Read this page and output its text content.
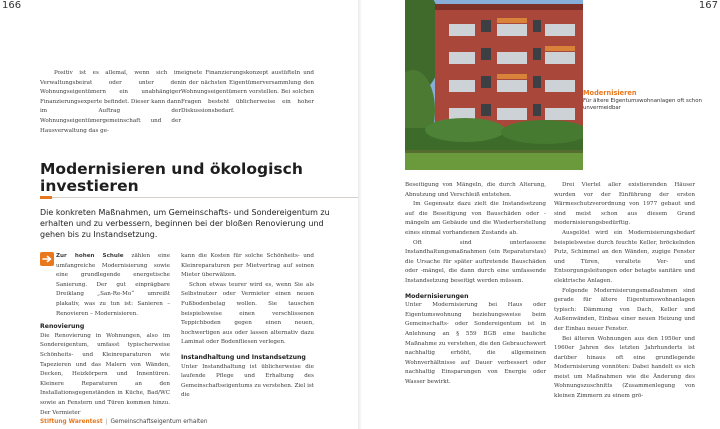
166	167

Positiv ist es allemal, wenn sich im Verwaltungsbeirat oder unter den Wohnungseigentümern ein unabhängiger Finanzierungsexperte befindet. Dieser kann dann im Auftrag der Wohnungseigentümergemeinschaft und der Hausverwaltung das ge-

eignete Finanzierungskonzept austüfteln und in der nächsten Eigentümerversammlung den Wohnungseigentümern vorstellen. Bei solchen Fragen besteht üblicherweise ein hoher Diskussionsbedarf.

Modernisieren und ökologisch investieren
Die konkreten Maßnahmen, um Gemeinschafts- und Sondereigentum zu erhalten und zu verbessern, beginnen bei der bloßen Renovierung und gehen bis zu Instandsetzung.

Zur hohen Schule zählen eine umfangreiche Modernisierung sowie eine grundlegende energetische Sanierung. Der gut einprägbare Dreiklang „San-Re-Mo“ umreißt plakativ, was zu tun ist: Sanieren – Renovieren – Modernisieren.

Renovierung

Die Renovierung in Wohnungen, also im Sondereigentum, umfasst typischerweise Schönheits- und Kleinreparaturen wie Tapezieren und das Malern von Wänden, Decken, Heizkörpern und Innentüren. Kleinere Reparaturen an den Installationsgegenständen in Küche, Bad/WC sowie an Fenstern und Türen kommen hinzu. Der Vermieter

kann die Kosten für solche Schönheits- und Kleinreparaturen per Mietvertrag auf seinen Mieter überwälzen.

Schon etwas teurer wird es, wenn Sie als Selbstnutzer oder Vermieter einen neuen Fußbodenbelag wollen. Sie tauschen beispielsweise einen verschlissenen Teppichboden gegen einen neuen, hochwertigen aus oder lassen alternativ dazu Laminat oder Bodenfliesen verlegen.

Instandhaltung und Instandsetzung

Unter Instandhaltung ist üblicherweise die laufende Pflege und Erhaltung des Gemeinschaftseigentums zu verstehen. Ziel ist die

Modernisieren
Für ältere Eigentumswohnanlagen oft schon unvermeidbar

Beseitigung von Mängeln, die durch Alterung, Abnutzung und Verschleiß entstehen.

Im Gegensatz dazu zielt die Instandsetzung auf die Beseitigung von Bauschäden oder -mängeln am Gebäude und die Wiederherstellung eines einmal vorhandenen Zustands ab.

Oft sind unterlassene Instandhaltungsmaßnahmen (ein Reparaturstau) die Ursache für später auftretende Bauschäden oder -mängel, die dann durch eine umfassende Instandsetzung beseitigt werden müssen.

Modernisierungen

Unter Modernisierung bei Haus oder Eigentumswohnung beziehungsweise beim Gemeinschafts- oder Sondereigentum ist in Anlehnung an § 559 BGB eine bauliche Maßnahme zu verstehen, die den Gebrauchswert nachhaltig erhöht, die allgemeinen Wohnverhältnisse auf Dauer verbessert oder nachhaltig Einsparungen von Energie oder Wasser bewirkt.

Drei Viertel aller existierenden Häuser wurden vor der Einführung der ersten Wärmeschutzverordnung von 1977 gebaut und sind meist schon aus diesem Grund modernisierungsbedürftig.

Ausgelöst wird ein Modernisierungsbedarf beispielsweise durch feuchte Keller, bröckelnden Putz, Schimmel an den Wänden, zugige Fenster und Türen, veraltete Ver- und Entsorgungsleitungen oder betagte sanitäre und elektrische Anlagen.

Folgende Modernisierungsmaßnahmen sind gerade für ältere Eigentumswohnanlagen typisch: Dämmung von Dach, Keller und Außenwänden, Einbau einer neuen Heizung und der Einbau neuer Fenster.

Bei älteren Wohnungen aus den 1950er und 1960er Jahren des letzten Jahrhunderts ist darüber hinaus oft eine grundlegende Modernisierung vonnöten: Dabei handelt es sich meist um Maßnahmen wie die Änderung des Wohnungszuschnitts (Zusammenlegung von kleinen Zimmern zu einem grö-

Stiftung Warentest | Gemeinschaftseigentum erhalten
